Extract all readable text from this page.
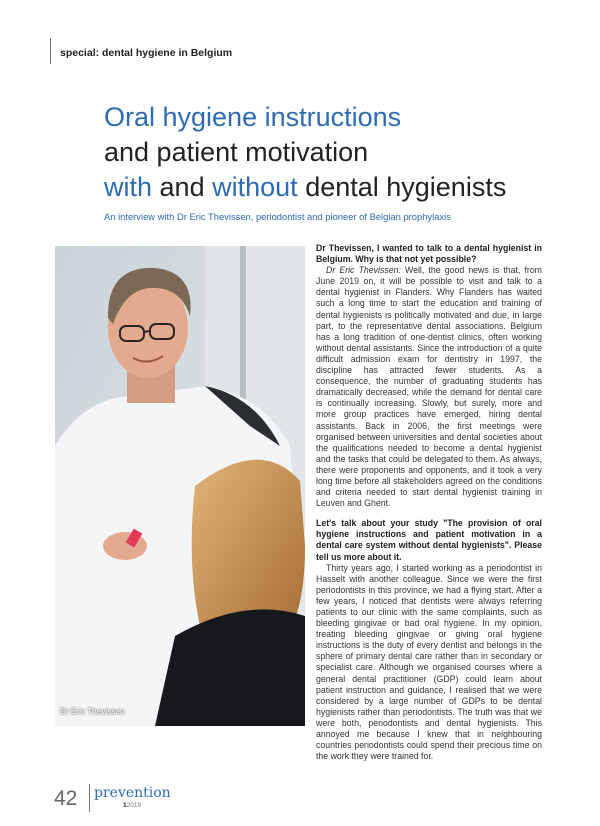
special: dental hygiene in Belgium
Oral hygiene instructions
and patient motivation
with and without dental hygienists
An interview with Dr Eric Thevissen, periodontist and pioneer of Belgian prophylaxis
Dr Eric Thevissen

Dr Thevissen, I wanted to talk to a dental hygienist in Belgium. Why is that not yet possible?

Dr Eric Thevissen: Well, the good news is that, from June 2019 on, it will be possible to visit and talk to a dental hygienist in Flanders. Why Flanders has waited such a long time to start the education and training of dental hygienists is politically motivated and due, in large part, to the representative dental associations. Belgium has a long tradition of one-dentist clinics, often working without dental assistants. Since the introduction of a quite difficult admission exam for dentistry in 1997, the discipline has attracted fewer students. As a consequence, the number of graduating students has dramatically decreased, while the demand for dental care is continually increasing. Slowly, but surely, more and more group practices have emerged, hiring dental assistants. Back in 2006, the first meetings were organised between universities and dental societies about the qualifications needed to become a dental hygienist and the tasks that could be delegated to them. As always, there were proponents and opponents, and it took a very long time before all stakeholders agreed on the conditions and criteria needed to start dental hygienist training in Leuven and Ghent.

Let's talk about your study "The provision of oral hygiene instructions and patient motivation in a dental care system without dental hygienists". Please tell us more about it.

Thirty years ago, I started working as a periodontist in Hasselt with another colleague. Since we were the first periodontists in this province, we had a flying start. After a few years, I noticed that dentists were always referring patients to our clinic with the same complaints, such as bleeding gingivae or bad oral hygiene. In my opinion, treating bleeding gingivae or giving oral hygiene instructions is the duty of every dentist and belongs in the sphere of primary dental care rather than in secondary or specialist care. Although we organised courses where a general dental practitioner (GDP) could learn about patient instruction and guidance, I realised that we were considered by a large number of GDPs to be dental hygienists rather than periodontists. The truth was that we were both, periodontists and dental hygienists. This annoyed me because I knew that in neighbouring countries periodontists could spend their precious time on the work they were trained for.

42 prevention
12019
